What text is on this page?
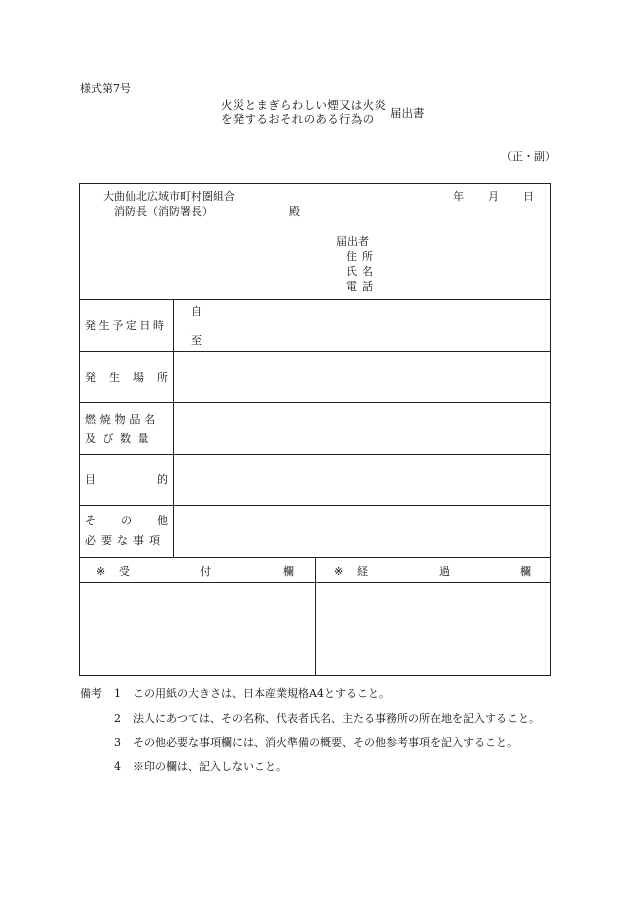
様式第7号
火災とまぎらわしい煙又は火炎
を発するおそれのある行為の 届出書
（正・副）
大曲仙北広域市町村圏組合
消防長（消防署長）	殿
年 月 日
届出者
住所
氏名
電話
発生予定日時
自
至
発生場所
燃焼物品名
及び数量
目	的
そ の 他
必要な事項
※ 受	付	欄	※ 経	過	欄
備考 1 この用紙の大きさは、日本産業規格A4とすること。
2 法人にあつては、その名称、代表者氏名、主たる事務所の所在地を記入すること。
3 その他必要な事項欄には、消火準備の概要、その他参考事項を記入すること。
4 ※印の欄は、記入しないこと。
